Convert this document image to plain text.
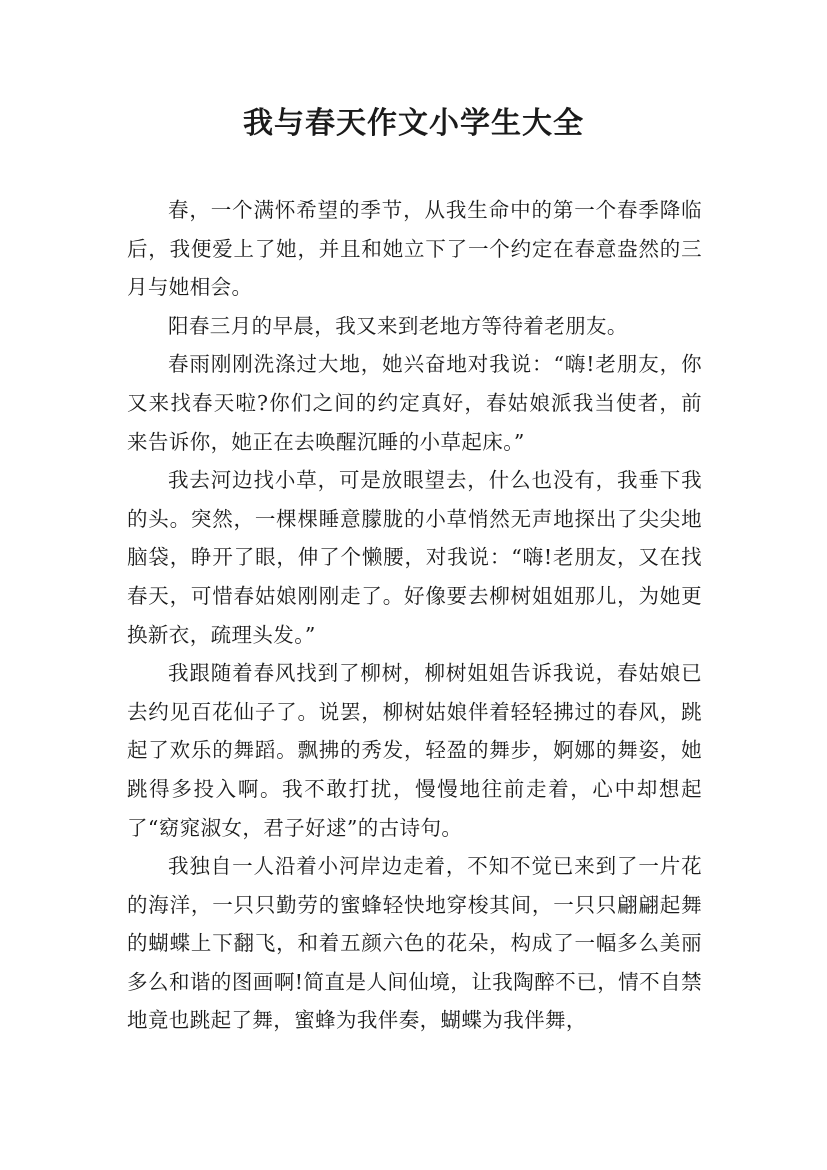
我与春天作文小学生大全

春，一个满怀希望的季节，从我生命中的第一个春季降临后，我便爱上了她，并且和她立下了一个约定在春意盎然的三月与她相会。

阳春三月的早晨，我又来到老地方等待着老朋友。

春雨刚刚洗涤过大地，她兴奋地对我说：“嗨!老朋友，你又来找春天啦?你们之间的约定真好，春姑娘派我当使者，前来告诉你，她正在去唤醒沉睡的小草起床。”

我去河边找小草，可是放眼望去，什么也没有，我垂下我的头。突然，一棵棵睡意朦胧的小草悄然无声地探出了尖尖地脑袋，睁开了眼，伸了个懒腰，对我说：“嗨!老朋友，又在找春天，可惜春姑娘刚刚走了。好像要去柳树姐姐那儿，为她更换新衣，疏理头发。”

我跟随着春风找到了柳树，柳树姐姐告诉我说，春姑娘已去约见百花仙子了。说罢，柳树姑娘伴着轻轻拂过的春风，跳起了欢乐的舞蹈。飘拂的秀发，轻盈的舞步，婀娜的舞姿，她跳得多投入啊。我不敢打扰，慢慢地往前走着，心中却想起了“窈窕淑女，君子好逑”的古诗句。

我独自一人沿着小河岸边走着，不知不觉已来到了一片花的海洋，一只只勤劳的蜜蜂轻快地穿梭其间，一只只翩翩起舞的蝴蝶上下翻飞，和着五颜六色的花朵，构成了一幅多么美丽多么和谐的图画啊!简直是人间仙境，让我陶醉不已，情不自禁地竟也跳起了舞，蜜蜂为我伴奏，蝴蝶为我伴舞，
